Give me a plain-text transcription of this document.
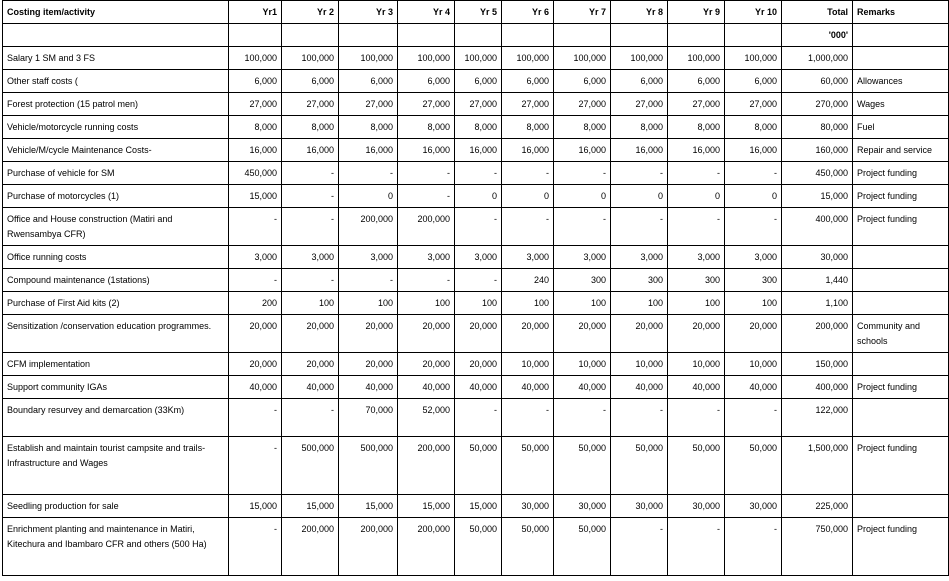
Costing item/activity	Yr1	Yr 2	Yr 3	Yr 4	Yr 5	Yr 6	Yr 7	Yr 8	Yr 9	Yr 10	Total	Remarks
											'000'	
Salary 1 SM and 3 FS	100,000	100,000	100,000	100,000	100,000	100,000	100,000	100,000	100,000	100,000	1,000,000	
Other staff costs (	6,000	6,000	6,000	6,000	6,000	6,000	6,000	6,000	6,000	6,000	60,000	Allowances
Forest protection (15 patrol men)	27,000	27,000	27,000	27,000	27,000	27,000	27,000	27,000	27,000	27,000	270,000	Wages
Vehicle/motorcycle running costs	8,000	8,000	8,000	8,000	8,000	8,000	8,000	8,000	8,000	8,000	80,000	Fuel
Vehicle/M/cycle Maintenance Costs-	16,000	16,000	16,000	16,000	16,000	16,000	16,000	16,000	16,000	16,000	160,000	Repair and service
Purchase of vehicle for SM	450,000	-	-	-	-	-	-	-	-	-	450,000	Project funding
Purchase of motorcycles (1)	15,000	-	0	-	0	0	0	0	0	0	15,000	Project funding
Office and House construction (Matiri and Rwensambya CFR)	-	-	200,000	200,000	-	-	-	-	-	-	400,000	Project funding
Office running costs	3,000	3,000	3,000	3,000	3,000	3,000	3,000	3,000	3,000	3,000	30,000	
Compound maintenance (1stations)	-	-	-	-	-	240	300	300	300	300	1,440	
Purchase of First Aid kits (2)	200	100	100	100	100	100	100	100	100	100	1,100	
Sensitization /conservation education programmes.	20,000	20,000	20,000	20,000	20,000	20,000	20,000	20,000	20,000	20,000	200,000	Community and schools
CFM implementation	20,000	20,000	20,000	20,000	20,000	10,000	10,000	10,000	10,000	10,000	150,000	
Support community IGAs	40,000	40,000	40,000	40,000	40,000	40,000	40,000	40,000	40,000	40,000	400,000	Project funding
Boundary resurvey and demarcation (33Km)	-	-	70,000	52,000	-	-	-	-	-	-	122,000	
Establish and maintain tourist campsite and trails- Infrastructure and Wages	-	500,000	500,000	200,000	50,000	50,000	50,000	50,000	50,000	50,000	1,500,000	Project funding
Seedling production for sale	15,000	15,000	15,000	15,000	15,000	30,000	30,000	30,000	30,000	30,000	225,000	
Enrichment planting and maintenance in Matiri, Kitechura and Ibambaro CFR and others (500 Ha)	-	200,000	200,000	200,000	50,000	50,000	50,000	-	-	-	750,000	Project funding
